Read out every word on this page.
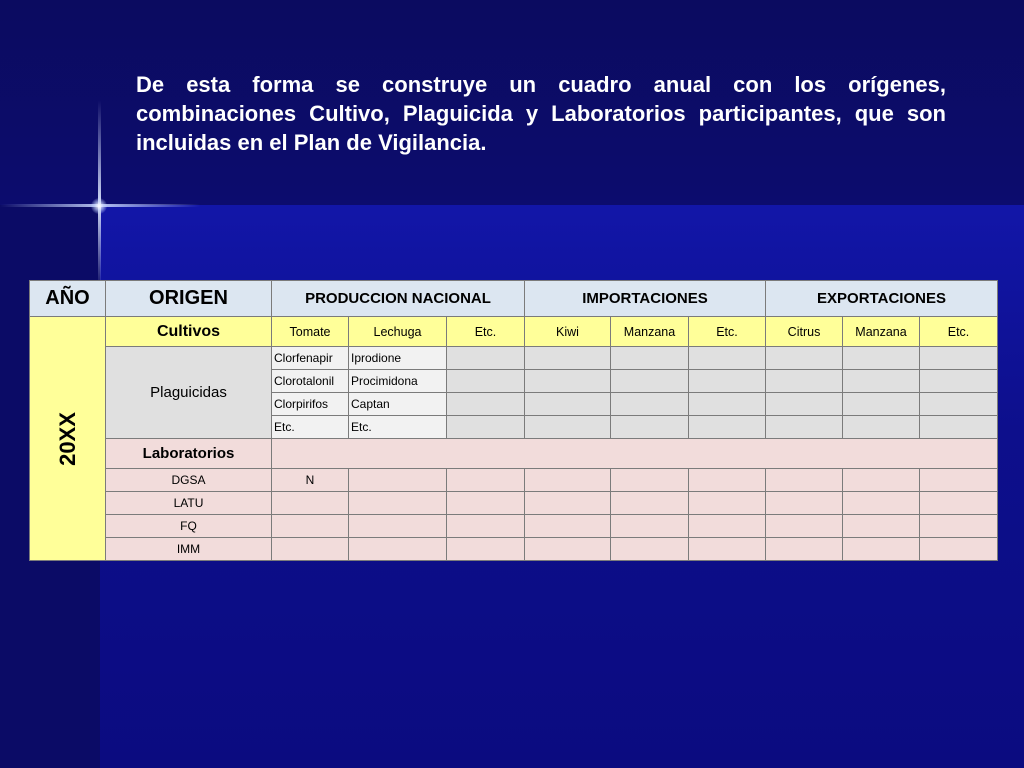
De esta forma se construye un cuadro anual con los orígenes, combinaciones Cultivo, Plaguicida y Laboratorios participantes, que son incluidas en el Plan de Vigilancia.
AÑO	ORIGEN	PRODUCCION NACIONAL			IMPORTACIONES			EXPORTACIONES		
20XX	Cultivos	Tomate	Lechuga	Etc.	Kiwi	Manzana	Etc.	Citrus	Manzana	Etc.
	Plaguicidas	Clorfenapir	Iprodione							
		Clorotalonil	Procimidona							
		Clorpirifos	Captan							
		Etc.	Etc.							
	Laboratorios									
	DGSA	N								
	LATU									
	FQ									
	IMM									
